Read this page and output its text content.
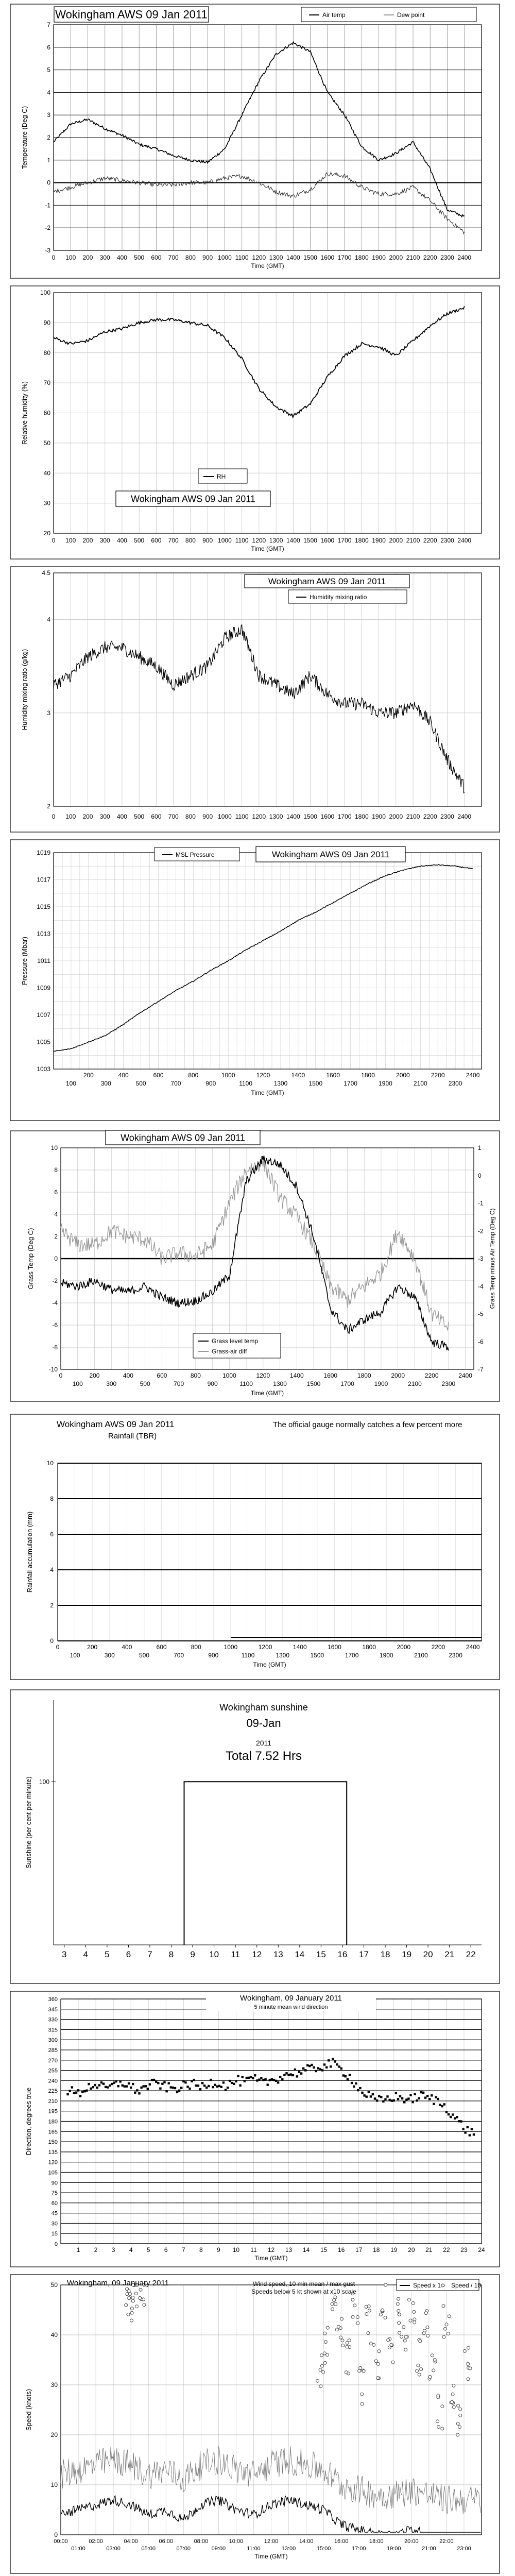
-3
-2
-1
0
1
2
3
4
5
6
7
0 100 200 300 400 500 600 700 800 900 1000 1100 1200 1300 1400 1500 1600 1700 1800 1900 2000 2100 2200 2300 2400
Time (GMT)
Temperature (Deg C)
Wokingham AWS 09 Jan 2011	Air temp	Dew point
20
30
40
50
60
70
80
90
100
0 100 200 300 400 500 600 700 800 900 1000 1100 1200 1300 1400 1500 1600 1700 1800 1900 2000 2100 2200 2300 2400
Time (GMT)
Relative humidity (%)
RH
Wokingham AWS 09 Jan 2011
2
3
4
4.5
0 100 200 300 400 500 600 700 800 900 1000 1100 1200 1300 1400 1500 1600 1700 1800 1900 2000 2100 2200 2300 2400
Humidity mixing ratio (g/kg)
Wokingham AWS 09 Jan 2011
Humidity mixing ratio
1003
1005
1007
1009
1011
1013
1015
1017
1019
200	400	600	800	1000	1200	1400	1600	1800	2000	2200	2400
100	300	500	700	900	1100	1300	1500	1700	1900	2100	2300
Time (GMT)
Pressure (Mbar)
MSL Pressure	Wokingham AWS 09 Jan 2011
-10
-8
-6
-4
-2
0
2
4
6
8
10
-7
-6
-5
-4
-3
-2
-1
0
1
0	200	400	600	800	1000	1200	1400	1600	1800	2000	2200	2400
100	300	500	700	900	1100	1300	1500	1700	1900	2100	2300
Time (GMT)
Grass Temp (Deg C)	Grass Temp minus Air Temp (Deg C)
Wokingham AWS 09 Jan 2011
Grass level temp
Grass-air diff
0
2
4
6
8
10
0	200	400	600	800	1000	1200	1400	1600	1800	2000	2200	2400
100	300	500	700	900	1100	1300	1500	1700	1900	2100	2300
Time (GMT)
Rainfall accumulation (mm)
Wokingham AWS 09 Jan 2011
Rainfall (TBR)
The official gauge normally catches a few percent more
100
3 4 5 6 7 8 9 10 11 12 13 14 15 16 17 18 19 20 21 22
Sunshine (per cent per minute)
Wokingham sunshine
09-Jan
2011
Total 7.52 Hrs
0
15
30
45
60
75
90
105
120
135
150
165
180
195
210
225
240
255
270
285
300
315
330
345
360
1 2 3 4 5 6 7 8 9 10 11 12 13 14 15 16 17 18 19 20 21 22 23 24
Time (GMT)
Direction, degrees true
Wokingham, 09 January 2011
5 minute mean wind direction
0
10
20
30
40
50
00:00	02:00	04:00	06:00	08:00	10:00	12:00	14:00	16:00	18:00	20:00	22:00
01:00	03:00	05:00	07:00	09:00	11:00	13:00	15:00	17:00	19:00	21:00	23:00
Time (GMT)
Speed (knots)
Wokingham, 09 January 2011	Wind speed, 10 min mean / max gust
Speeds below 5 kt shown at x10 scale
Speed x 1 Speed / 10
